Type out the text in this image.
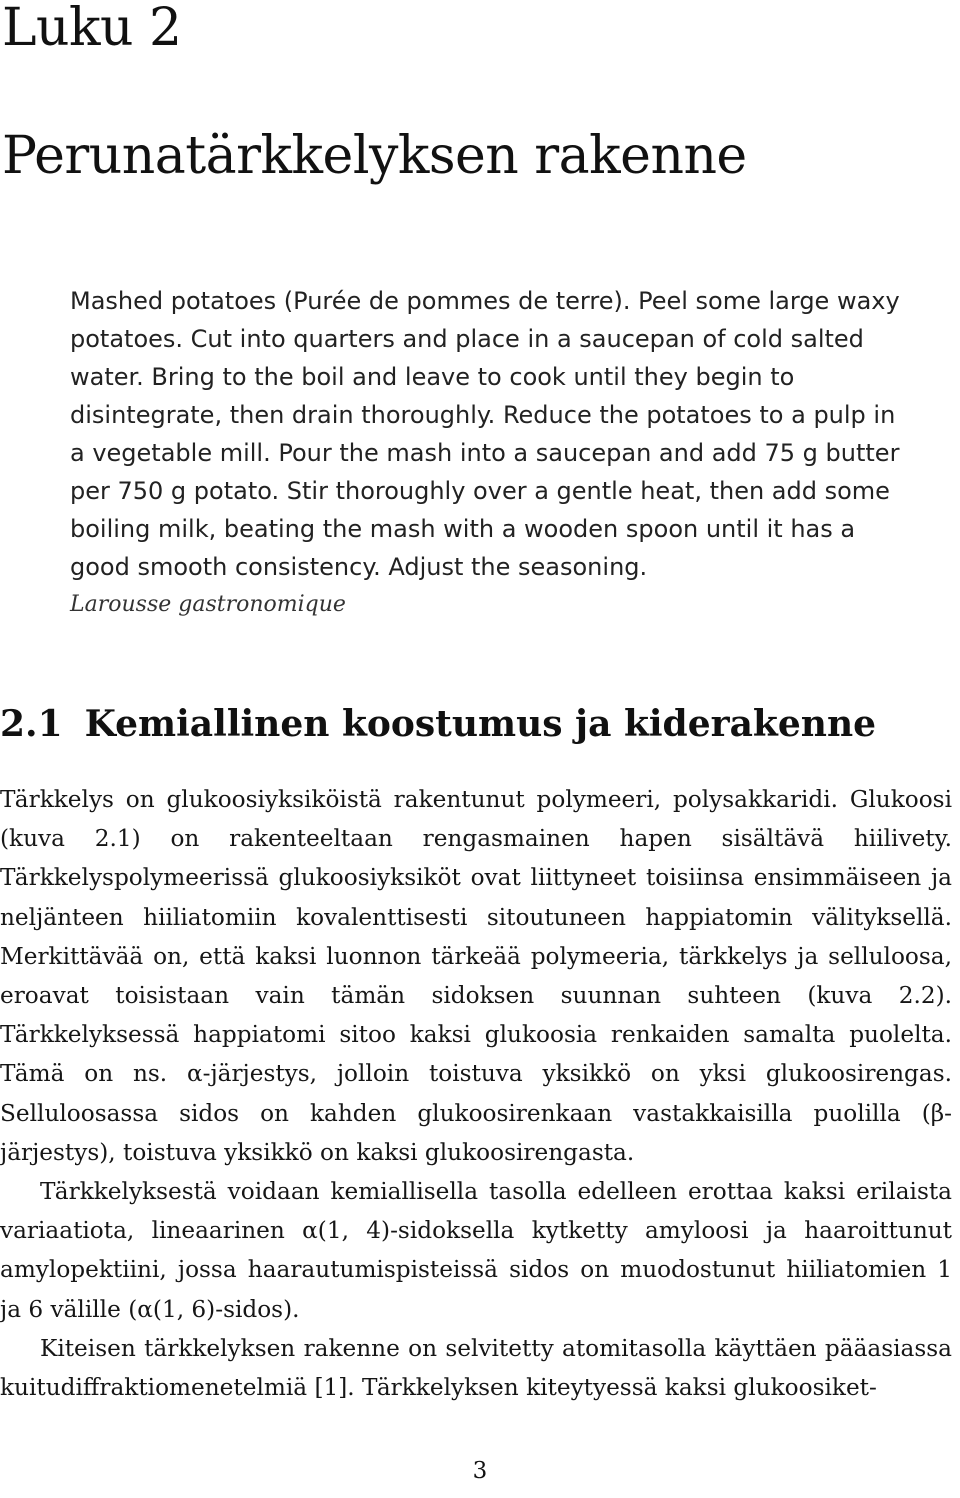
Luku 2
Perunatärkkelyksen rakenne

Mashed potatoes (Purée de pommes de terre). Peel some large waxy potatoes. Cut into quarters and place in a saucepan of cold salted water. Bring to the boil and leave to cook until they begin to disintegrate, then drain thoroughly. Reduce the potatoes to a pulp in a vegetable mill. Pour the mash into a saucepan and add 75 g butter per 750 g potato. Stir thoroughly over a gentle heat, then add some boiling milk, beating the mash with a wooden spoon until it has a good smooth consistency. Adjust the seasoning.

Larousse gastronomique

2.1 Kemiallinen koostumus ja kiderakenne

Tärkkelys on glukoosiyksiköistä rakentunut polymeeri, polysakkaridi. Glukoosi (kuva 2.1) on rakenteeltaan rengasmainen hapen sisältävä hiilivety. Tärkkelyspolymeerissä glukoosiyksiköt ovat liittyneet toisiinsa ensimmäiseen ja neljänteen hiiliatomiin kovalenttisesti sitoutuneen happiatomin välityksellä. Merkittävää on, että kaksi luonnon tärkeää polymeeria, tärkkelys ja selluloosa, eroavat toisistaan vain tämän sidoksen suunnan suhteen (kuva 2.2). Tärkkelyksessä happiatomi sitoo kaksi glukoosia renkaiden samalta puolelta. Tämä on ns. α-järjestys, jolloin toistuva yksikkö on yksi glukoosirengas. Selluloosassa sidos on kahden glukoosirenkaan vastakkaisilla puolilla (β-järjestys), toistuva yksikkö on kaksi glukoosirengasta.

Tärkkelyksestä voidaan kemiallisella tasolla edelleen erottaa kaksi erilaista variaatiota, lineaarinen α(1, 4)-sidoksella kytketty amyloosi ja haaroittunut amylopektiini, jossa haarautumispisteissä sidos on muodostunut hiiliatomien 1 ja 6 välille (α(1, 6)-sidos).

Kiteisen tärkkelyksen rakenne on selvitetty atomitasolla käyttäen pääasiassa kuitudiffraktiomenetelmiä [1]. Tärkkelyksen kiteytyessä kaksi glukoosiket-

3
